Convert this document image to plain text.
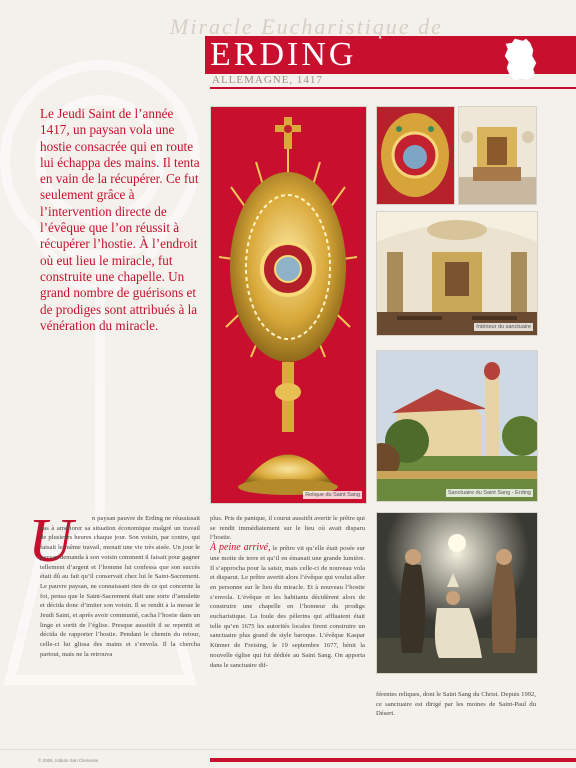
Miracle Eucharistique de
ERDING
ALLEMAGNE, 1417

Le Jeudi Saint de l’année 1417, un paysan vola une hostie consacrée qui en route lui échappa des mains. Il tenta en vain de la récupérer. Ce fut seulement grâce à l’intervention directe de l’évêque que l’on réussit à récupérer l’hostie. À l’endroit où eut lieu le miracle, fut construite une chapelle. Un grand nombre de guérisons et de prodiges sont attribués à la vénération du miracle.

Relique du Saint Sang
Intérieur du sanctuaire
Sanctuaire du Saint Sang - Erding
U	n paysan pauvre de Erding ne réussissait pas à améliorer sa situation économique malgré un travail de plusieurs heures chaque jour. Son voisin, par contre, qui faisait le même travail, menait une vie très aisée. Un jour le paysan demanda à son voisin comment il faisait pour gagner tellement d’argent et l’homme lui confessa que son succès était dû au fait qu’il conservait chez lui le Saint-Sacrement. Le pauvre paysan, ne connaissant rien de ce qui concerne la foi, pensa que le Saint-Sacrement était une sorte d’amulette et décida donc d’imiter son voisin. Il se rendit à la messe le Jeudi Saint, et après avoir communié, cacha l’hostie dans un linge et sortit de l’église. Presque aussitôt il se repentit et décida de rapporter l’hostie. Pendant le chemin du retour, celle-ci lui glissa des mains et s’envola. Il la chercha partout, mais ne la retrouva

plus. Pris de panique, il courut aussitôt avertir le prêtre qui se rendit immédiatement sur le lieu où avait disparu l’hostie.
À peine arrivé, le prêtre vit qu’elle était posée sur une motte de terre et qu’il en émanait une grande lumière. Il s’approcha pour la saisir, mais celle-ci de nouveau vola et disparut. Le prêtre avertit alors l’évêque qui voulut aller en personne sur le lieu du miracle. Et à nouveau l’hostie s’envola. L’évêque et les habitants décidèrent alors de construire une chapelle en l’honneur du prodige eucharistique. La foule des pèlerins qui affluaient était telle qu’en 1675 les autorités locales firent construire un sanctuaire plus grand de style baroque. L’évêque Kaspar Künner de Freising, le 19 septembre 1677, bénit la nouvelle église qui fut dédiée au Saint Sang. On apporta dans le sanctuaire dif-

férentes reliques, dont le Saint Sang du Christ. Depuis 1992, ce sanctuaire est dirigé par les moines de Saint-Paul du Désert.

© 2006, Istituto San Clemente
